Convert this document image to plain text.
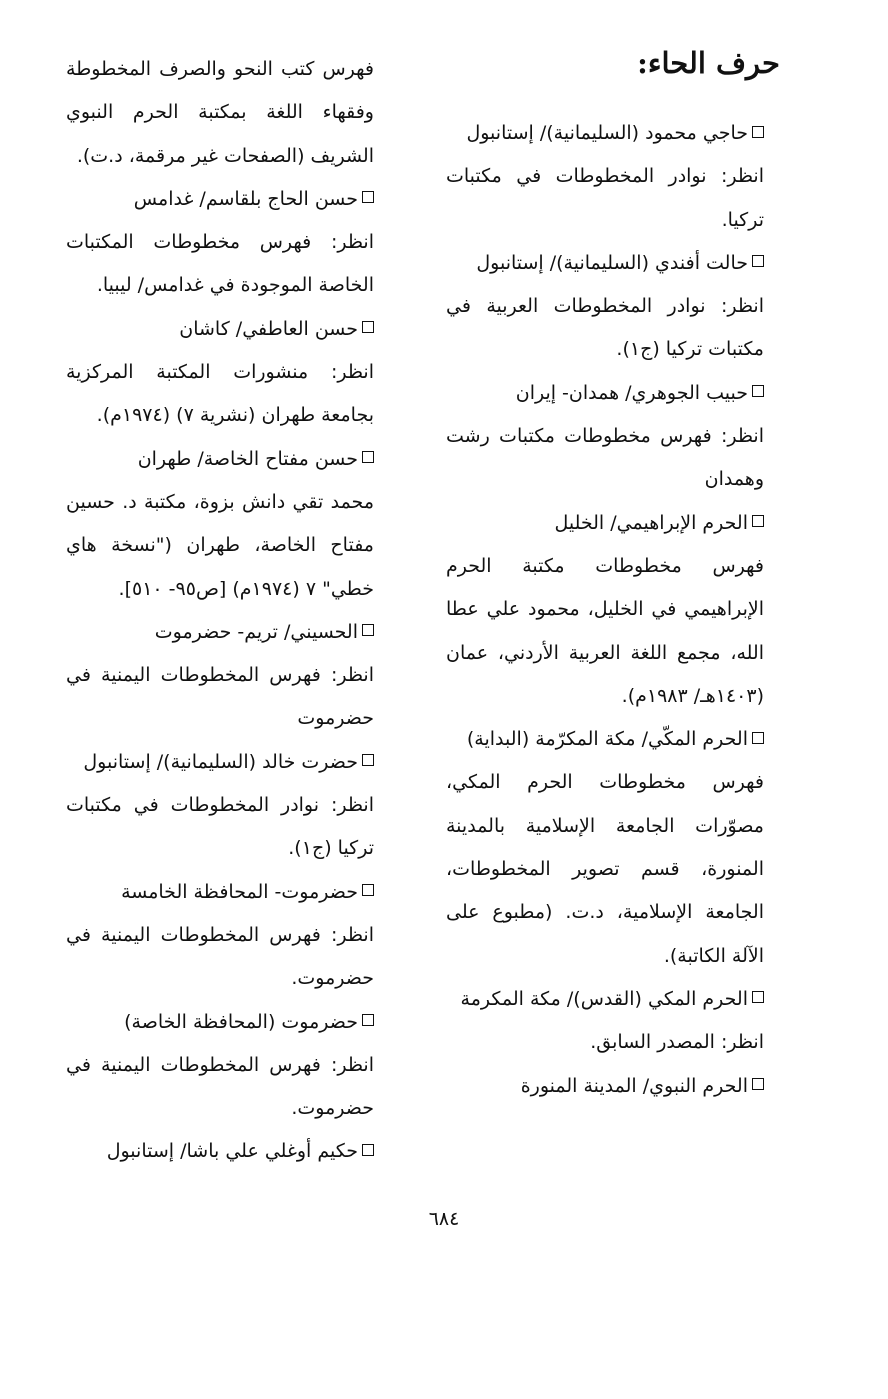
حرف الحاء:
حاجي محمود (السليمانية)/ إستانبول
انظر: نوادر المخطوطات في مكتبات تركيا.
حالت أفندي (السليمانية)/ إستانبول
انظر: نوادر المخطوطات العربية في مكتبات تركيا (ج١).
حبيب الجوهري/ همدان- إيران
انظر: فهرس مخطوطات مكتبات رشت وهمدان
الحرم الإبراهيمي/ الخليل
فهرس مخطوطات مكتبة الحرم الإبراهيمي في الخليل، محمود علي عطا الله، مجمع اللغة العربية الأردني، عمان (١٤٠٣هـ/ ١٩٨٣م).
الحرم المكّي/ مكة المكرّمة (البداية)
فهرس مخطوطات الحرم المكي، مصوّرات الجامعة الإسلامية بالمدينة المنورة، قسم تصوير المخطوطات، الجامعة الإسلامية، د.ت. (مطبوع على الآلة الكاتبة).
الحرم المكي (القدس)/ مكة المكرمة
انظر: المصدر السابق.
الحرم النبوي/ المدينة المنورة
فهرس كتب النحو والصرف المخطوطة وفقهاء اللغة بمكتبة الحرم النبوي الشريف (الصفحات غير مرقمة، د.ت).
حسن الحاج بلقاسم/ غدامس
انظر: فهرس مخطوطات المكتبات الخاصة الموجودة في غدامس/ ليبيا.
حسن العاطفي/ كاشان
انظر: منشورات المكتبة المركزية بجامعة طهران (نشرية ٧) (١٩٧٤م).
حسن مفتاح الخاصة/ طهران
محمد تقي دانش بزوة، مكتبة د. حسين مفتاح الخاصة، طهران ("نسخة هاي خطي" ٧ (١٩٧٤م) [ص٩٥- ٥١٠].
الحسيني/ تريم- حضرموت
انظر: فهرس المخطوطات اليمنية في حضرموت
حضرت خالد (السليمانية)/ إستانبول
انظر: نوادر المخطوطات في مكتبات تركيا (ج١).
حضرموت- المحافظة الخامسة
انظر: فهرس المخطوطات اليمنية في حضرموت.
حضرموت (المحافظة الخاصة)
انظر: فهرس المخطوطات اليمنية في حضرموت.
حكيم أوغلي علي باشا/ إستانبول
٦٨٤
